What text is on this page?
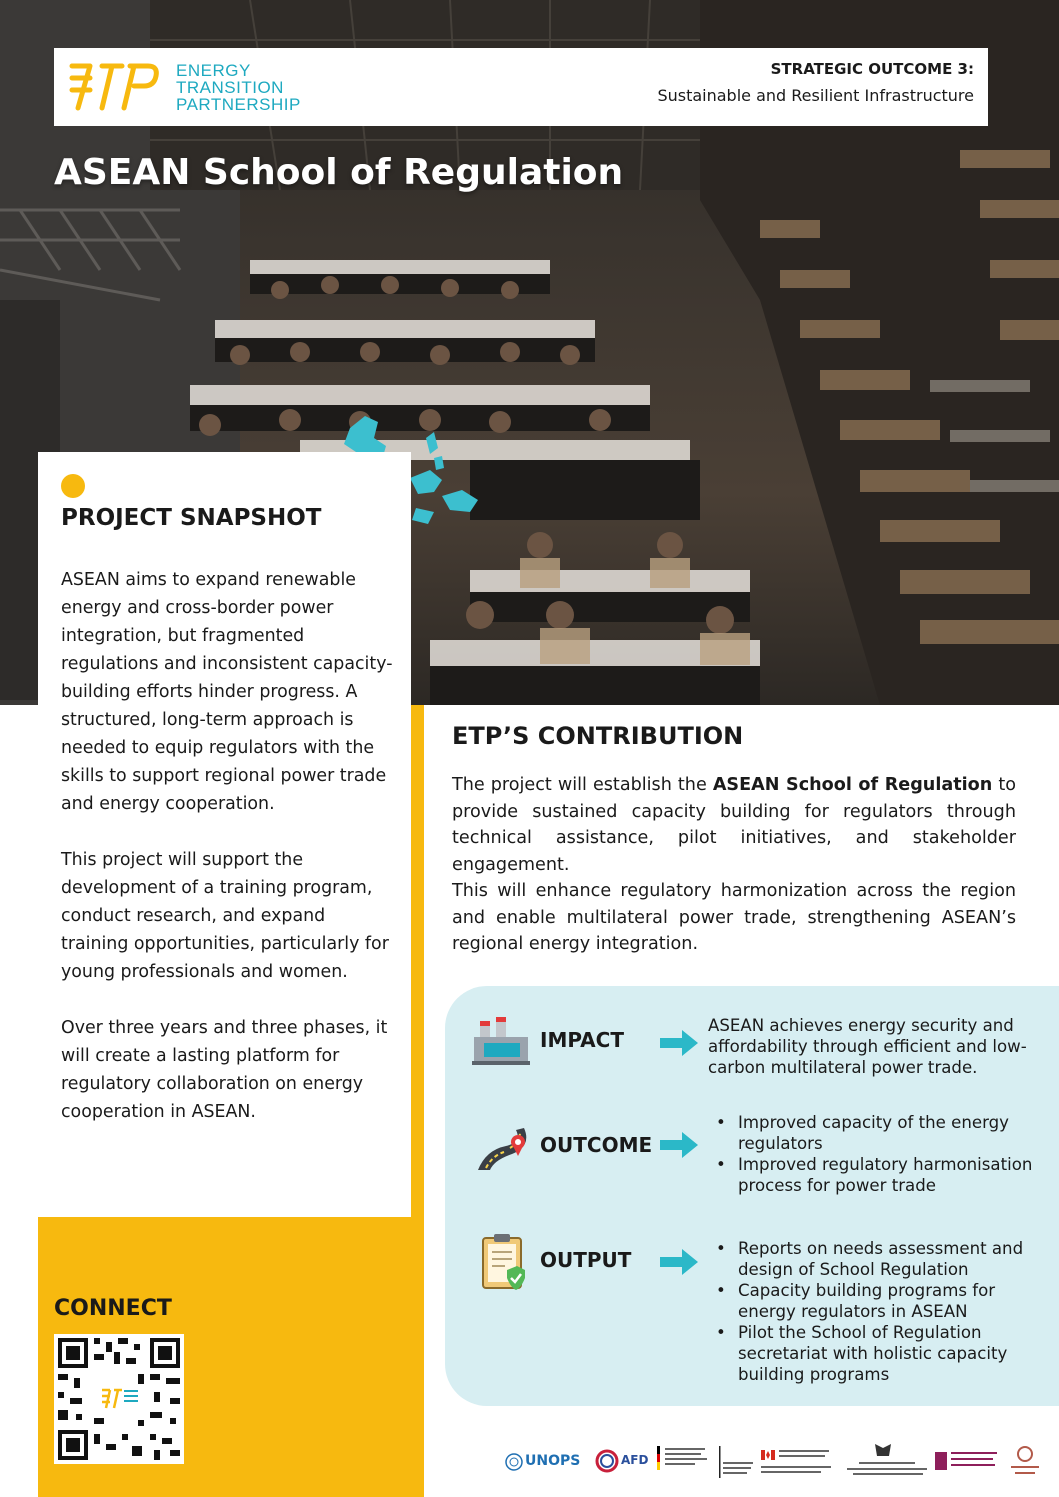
ENERGY
TRANSITION
PARTNERSHIP
STRATEGIC OUTCOME 3:
Sustainable and Resilient Infrastructure
ASEAN School of Regulation
PROJECT SNAPSHOT

ASEAN aims to expand renewable energy and cross-border power integration, but fragmented regulations and inconsistent capacity-building efforts hinder progress. A structured, long-term approach is needed to equip regulators with the skills to support regional power trade and energy cooperation.

This project will support the development of a training program, conduct research, and expand training opportunities, particularly for young professionals and women.

Over three years and three phases, it will create a lasting platform for regulatory collaboration on energy cooperation in ASEAN.

CONNECT
ETP’S CONTRIBUTION

The project will establish the ASEAN School of Regulation to provide sustained capacity building for regulators through technical assistance, pilot initiatives, and stakeholder engagement.

This will enhance regulatory harmonization across the region and enable multilateral power trade, strengthening ASEAN’s regional energy integration.

IMPACT
ASEAN achieves energy security and affordability through efficient and low-carbon multilateral power trade.
OUTCOME
• Improved capacity of the energy regulators
• Improved regulatory harmonisation process for power trade
OUTPUT
•	Reports on needs assessment and design of School Regulation
• Capacity building programs for energy regulators in ASEAN
• Pilot the School of Regulation secretariat with holistic capacity building programs
UNOPS	AFD
